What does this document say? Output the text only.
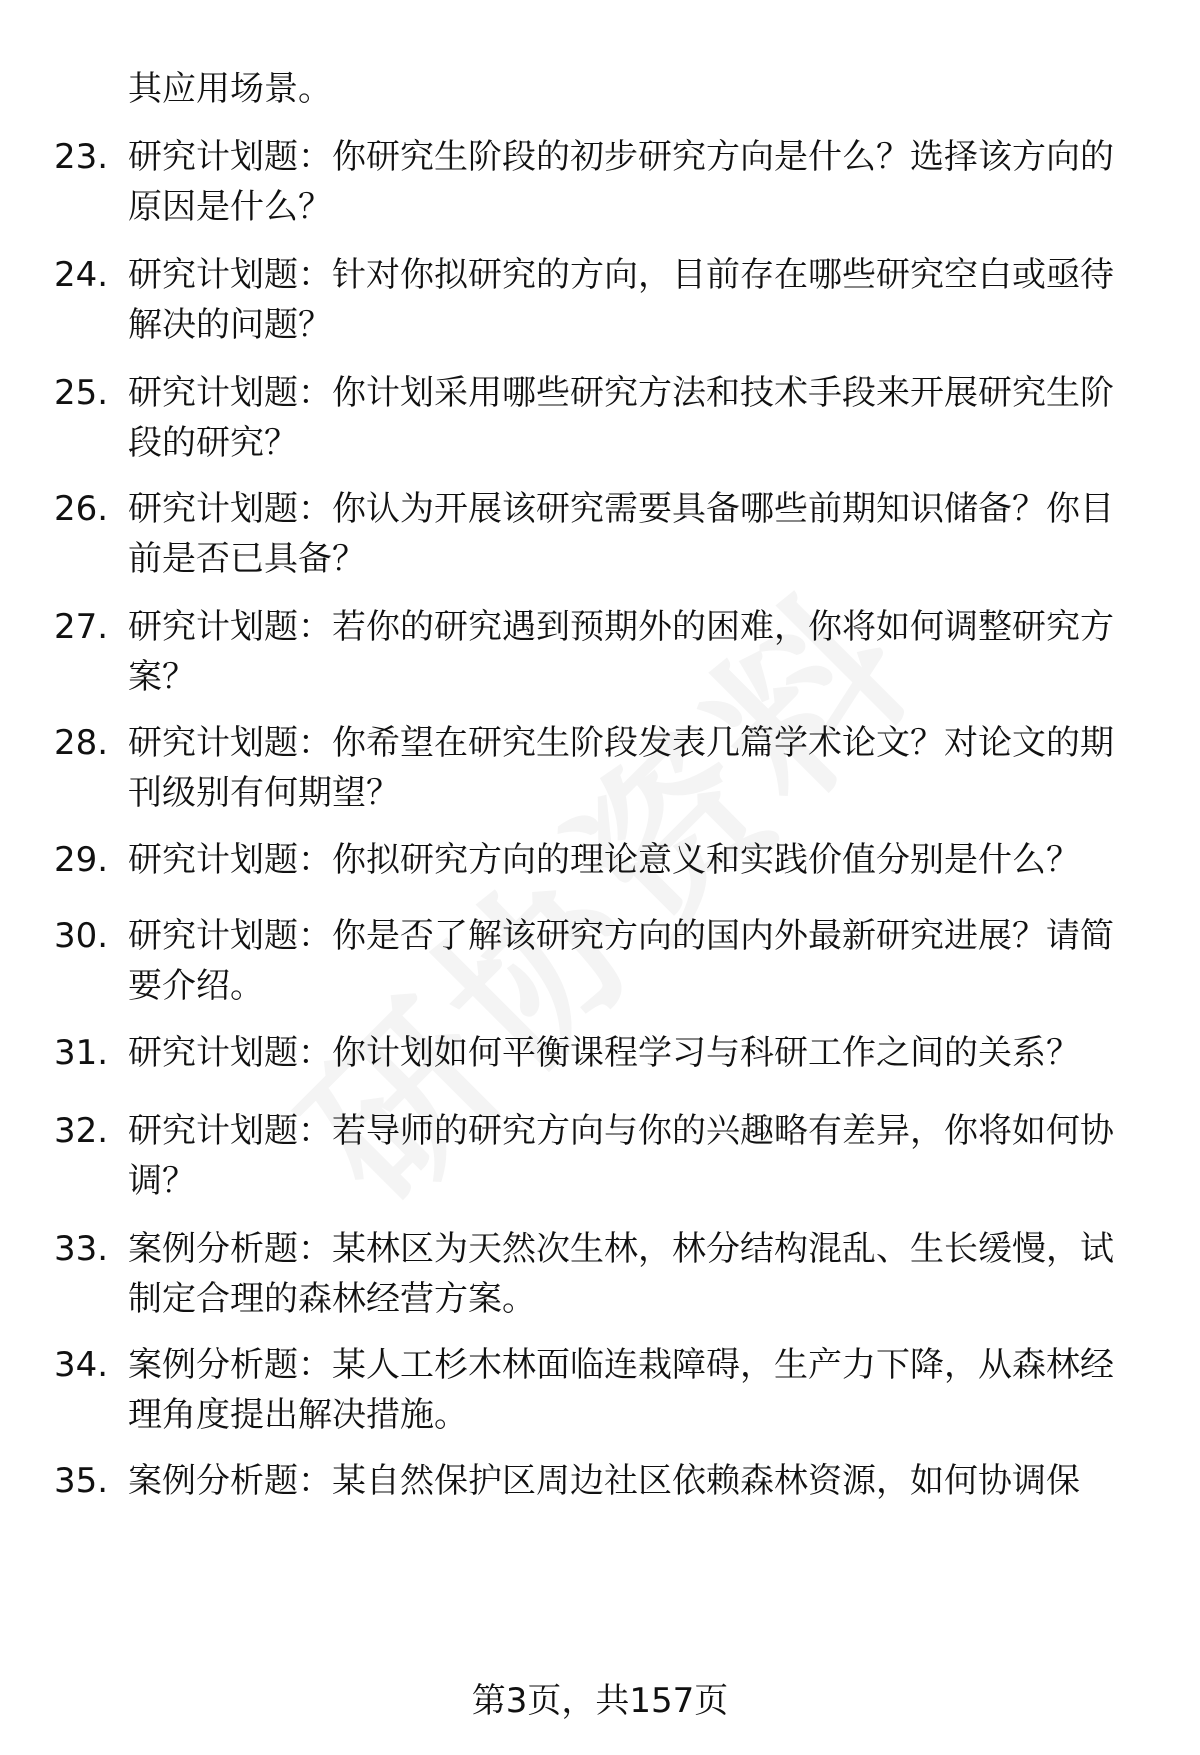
其应用场景。
23. 研究计划题：你研究生阶段的初步研究方向是什么？选择该方向的原因是什么？
24. 研究计划题：针对你拟研究的方向，目前存在哪些研究空白或亟待解决的问题？
25. 研究计划题：你计划采用哪些研究方法和技术手段来开展研究生阶段的研究？
26. 研究计划题：你认为开展该研究需要具备哪些前期知识储备？你目前是否已具备？
27. 研究计划题：若你的研究遇到预期外的困难，你将如何调整研究方案？
28. 研究计划题：你希望在研究生阶段发表几篇学术论文？对论文的期刊级别有何期望？
29. 研究计划题：你拟研究方向的理论意义和实践价值分别是什么？
30. 研究计划题：你是否了解该研究方向的国内外最新研究进展？请简要介绍。
31. 研究计划题：你计划如何平衡课程学习与科研工作之间的关系？
32. 研究计划题：若导师的研究方向与你的兴趣略有差异，你将如何协调？
33. 案例分析题：某林区为天然次生林，林分结构混乱、生长缓慢，试制定合理的森林经营方案。
34. 案例分析题：某人工杉木林面临连栽障碍，生产力下降，从森林经理角度提出解决措施。
35. 案例分析题：某自然保护区周边社区依赖森林资源，如何协调保
第3页，共157页
